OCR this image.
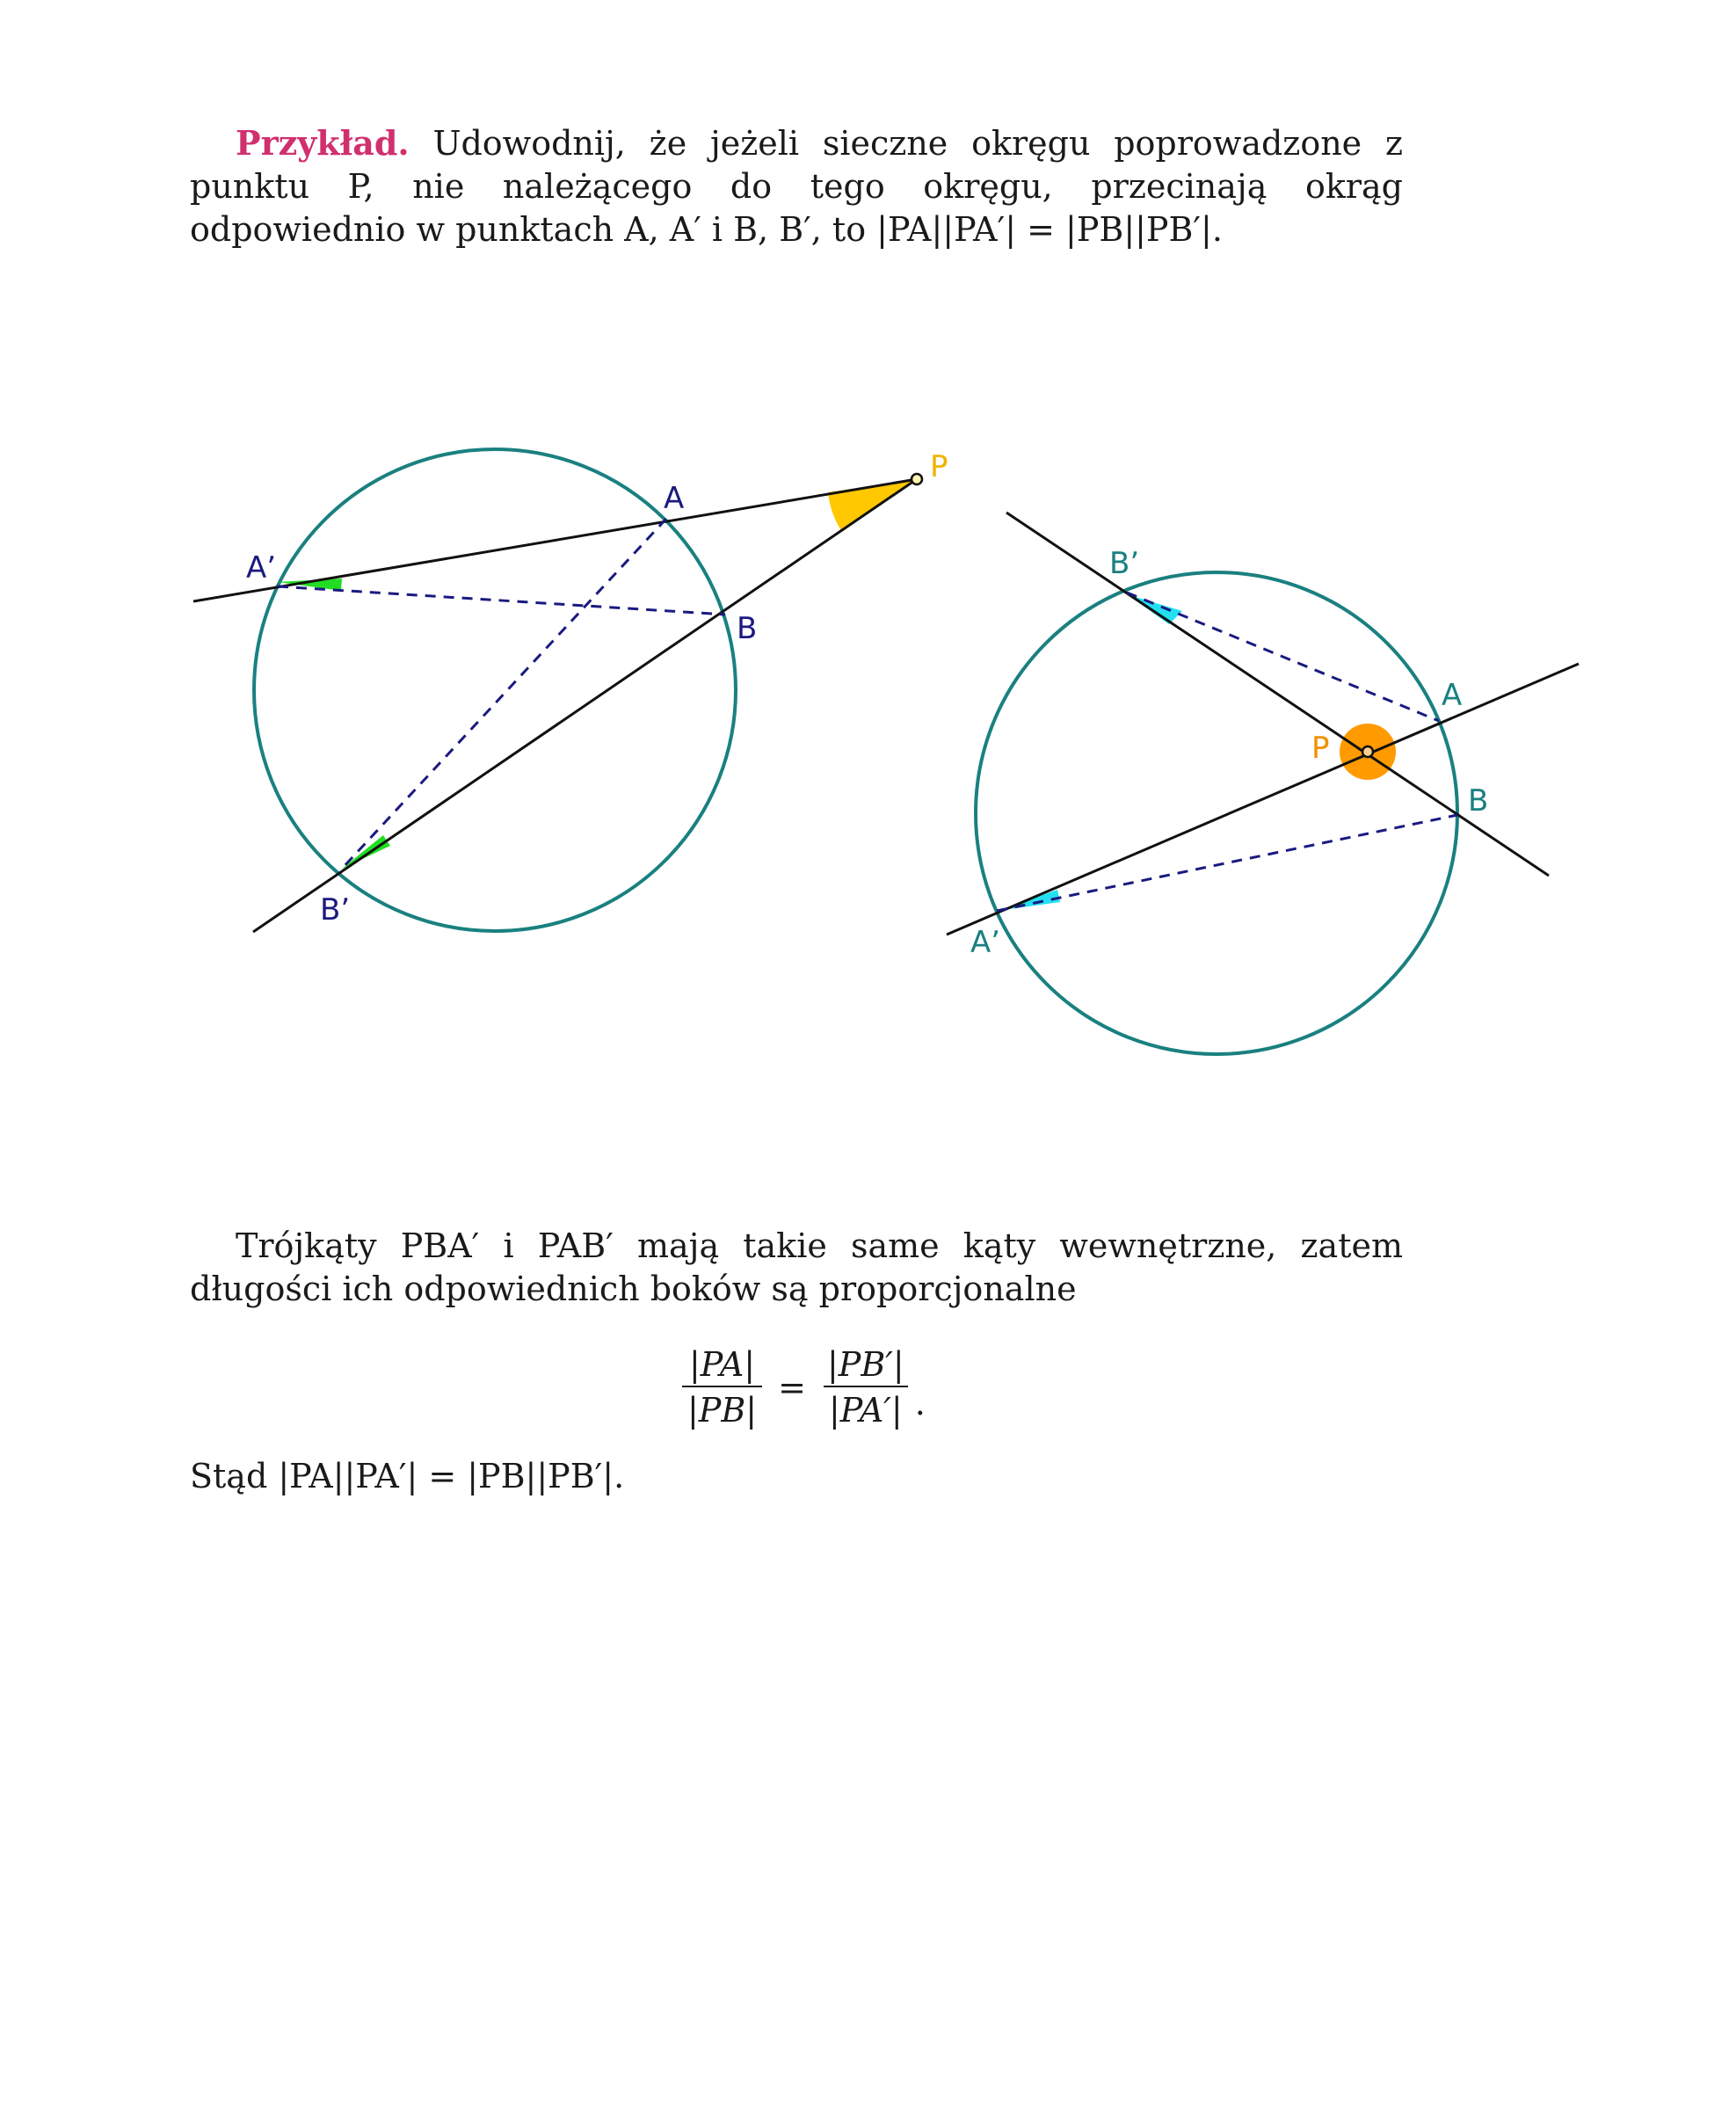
Przykład. Udowodnij, że jeżeli sieczne okręgu poprowadzone z punktu P, nie należącego do tego okręgu, przecinają okrąg odpowiednio w punktach A, A′ i B, B′, to |PA||PA′| = |PB||PB′|.
P
A
A’
B
B’
P
A
A’
B
B’
Trójkąty PBA′ i PAB′ mają takie same kąty wewnętrzne, zatem długości ich odpowiednich boków są proporcjonalne
$\frac{|PA|}{|PB|} = \frac{|PB'|}{|PA'|}$ .
Stąd |PA||PA′| = |PB||PB′|.
